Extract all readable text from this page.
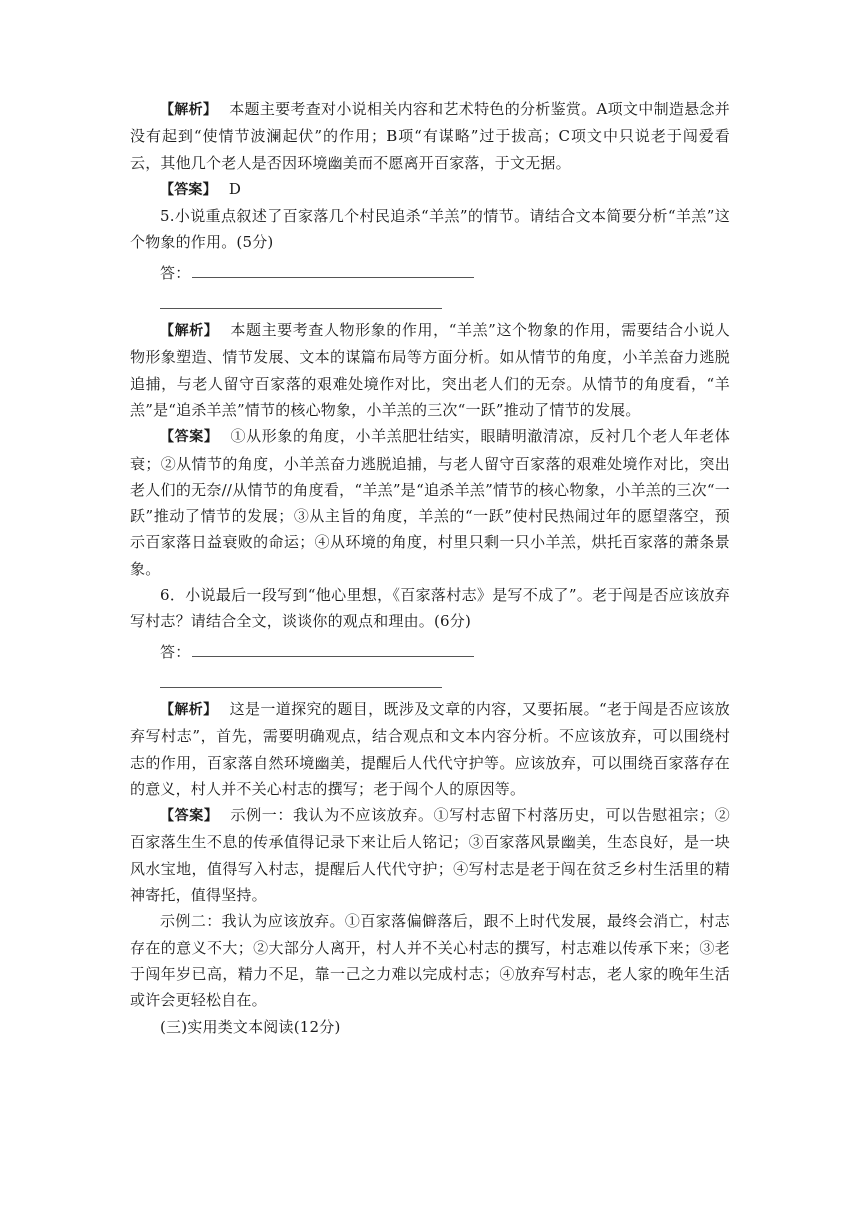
【解析】 本题主要考查对小说相关内容和艺术特色的分析鉴赏。A项文中制造悬念并没有起到“使情节波澜起伏”的作用；B项“有谋略”过于拔高；C项文中只说老于闯爱看云，其他几个老人是否因环境幽美而不愿离开百家落，于文无据。

【答案】 D

5.小说重点叙述了百家落几个村民追杀“羊羔”的情节。请结合文本简要分析“羊羔”这个物象的作用。(5分)

答：

【解析】 本题主要考查人物形象的作用，“羊羔”这个物象的作用，需要结合小说人物形象塑造、情节发展、文本的谋篇布局等方面分析。如从情节的角度，小羊羔奋力逃脱追捕，与老人留守百家落的艰难处境作对比，突出老人们的无奈。从情节的角度看，“羊羔”是“追杀羊羔”情节的核心物象，小羊羔的三次“一跃”推动了情节的发展。

【答案】 ①从形象的角度，小羊羔肥壮结实，眼睛明澈清凉，反衬几个老人年老体衰；②从情节的角度，小羊羔奋力逃脱追捕，与老人留守百家落的艰难处境作对比，突出老人们的无奈//从情节的角度看，“羊羔”是“追杀羊羔”情节的核心物象，小羊羔的三次“一跃”推动了情节的发展；③从主旨的角度，羊羔的“一跃”使村民热闹过年的愿望落空，预示百家落日益衰败的命运；④从环境的角度，村里只剩一只小羊羔，烘托百家落的萧条景象。

6．小说最后一段写到“他心里想，《百家落村志》是写不成了”。老于闯是否应该放弃写村志？请结合全文，谈谈你的观点和理由。(6分)

答：

【解析】 这是一道探究的题目，既涉及文章的内容，又要拓展。“老于闯是否应该放弃写村志”，首先，需要明确观点，结合观点和文本内容分析。不应该放弃，可以围绕村志的作用，百家落自然环境幽美，提醒后人代代守护等。应该放弃，可以围绕百家落存在的意义，村人并不关心村志的撰写；老于闯个人的原因等。

【答案】 示例一：我认为不应该放弃。①写村志留下村落历史，可以告慰祖宗；②百家落生生不息的传承值得记录下来让后人铭记；③百家落风景幽美，生态良好，是一块风水宝地，值得写入村志，提醒后人代代守护；④写村志是老于闯在贫乏乡村生活里的精神寄托，值得坚持。

示例二：我认为应该放弃。①百家落偏僻落后，跟不上时代发展，最终会消亡，村志存在的意义不大；②大部分人离开，村人并不关心村志的撰写，村志难以传承下来；③老于闯年岁已高，精力不足，靠一己之力难以完成村志；④放弃写村志，老人家的晚年生活或许会更轻松自在。

(三)实用类文本阅读(12分)
